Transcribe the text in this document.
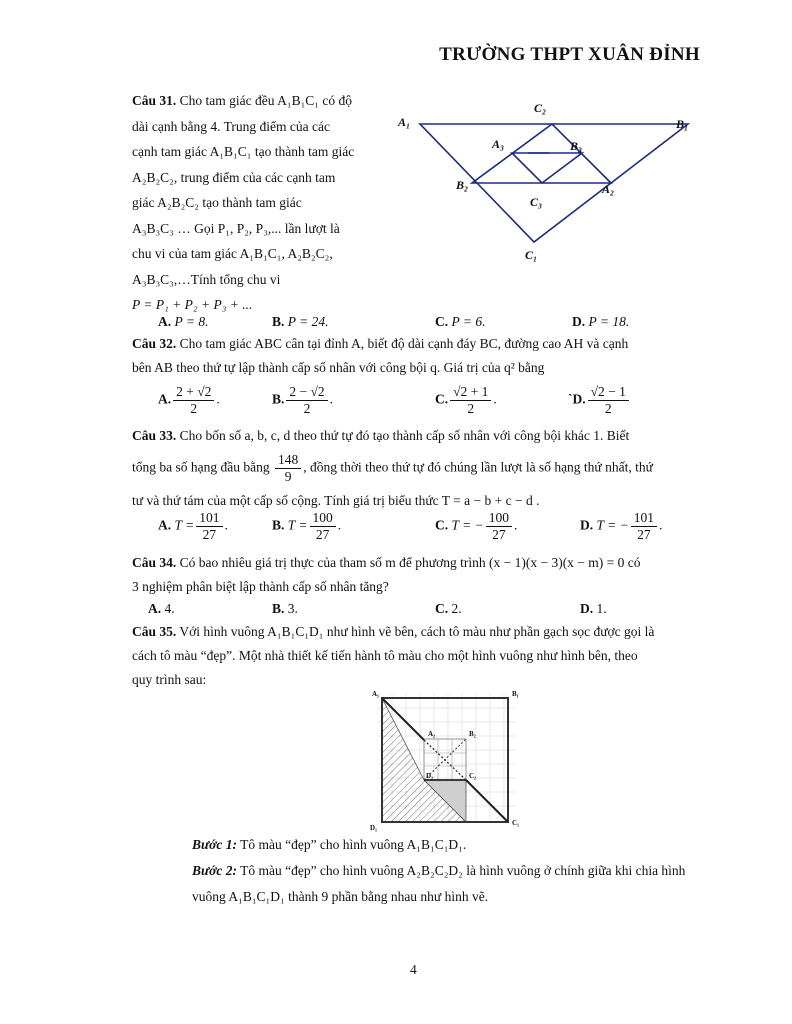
TRƯỜNG THPT XUÂN ĐỈNH
Câu 31. Cho tam giác đều A₁B₁C₁ có độ
dài cạnh bằng 4. Trung điểm của các
cạnh tam giác A₁B₁C₁ tạo thành tam giác
A₂B₂C₂, trung điểm của các cạnh tam
giác A₂B₂C₂ tạo thành tam giác
A₃B₃C₃ … Gọi P₁, P₂, P₃,... lần lượt là
chu vi của tam giác A₁B₁C₁, A₂B₂C₂,
A₃B₃C₃,…Tính tổng chu vi
P = P₁ + P₂ + P₃ + ...
A₁	B₁
C₁
A₂
B₂
C₂
A₃	B₃
C₃
A. P = 8.	B. P = 24.	C. P = 6.	D. P = 18.
Câu 32. Cho tam giác ABC cân tại đỉnh A, biết độ dài cạnh đáy BC, đường cao AH và cạnh
bên AB theo thứ tự lập thành cấp số nhân với công bội q. Giá trị của q² bằng
A. $\frac{2 + √2}{2}$ .	B. $\frac{2 - √2}{2}$ .	C. $\frac{√2 + 1}{2}$ .	`D. $\frac{√2 - 1}{2}$
Câu 33. Cho bốn số a, b, c, d theo thứ tự đó tạo thành cấp số nhân với công bội khác 1. Biết
tổng ba số hạng đầu bằng $\frac{148}{9}$ , đồng thời theo thứ tự đó chúng lần lượt là số hạng thứ nhất, thứ
tư và thứ tám của một cấp số cộng. Tính giá trị biểu thức T = a − b + c − d .
A. $T = \frac{101}{27}$ .	B. $T = \frac{100}{27}$ .	C. T = − $\frac{100}{27}$ .	D. T = − $\frac{101}{27}$ .
Câu 34. Có bao nhiêu giá trị thực của tham số m để phương trình (x − 1)(x − 3)(x − m) = 0 có
3 nghiệm phân biệt lập thành cấp số nhân tăng?
A. 4.	B. 3.	C. 2.	D. 1.
Câu 35. Với hình vuông A₁B₁C₁D₁ như hình vẽ bên, cách tô màu như phần gạch sọc được gọi là
cách tô màu “đẹp”. Một nhà thiết kế tiến hành tô màu cho một hình vuông như hình bên, theo
quy trình sau:
A₁	B₁
C₁
D₁
A₂	B₂
C₂
D₂
Bước 1: Tô màu “đẹp” cho hình vuông A₁B₁C₁D₁.
Bước 2: Tô màu “đẹp” cho hình vuông A₂B₂C₂D₂ là hình vuông ở chính giữa khi chia hình vuông A₁B₁C₁D₁ thành 9 phần bằng nhau như hình vẽ.
4
